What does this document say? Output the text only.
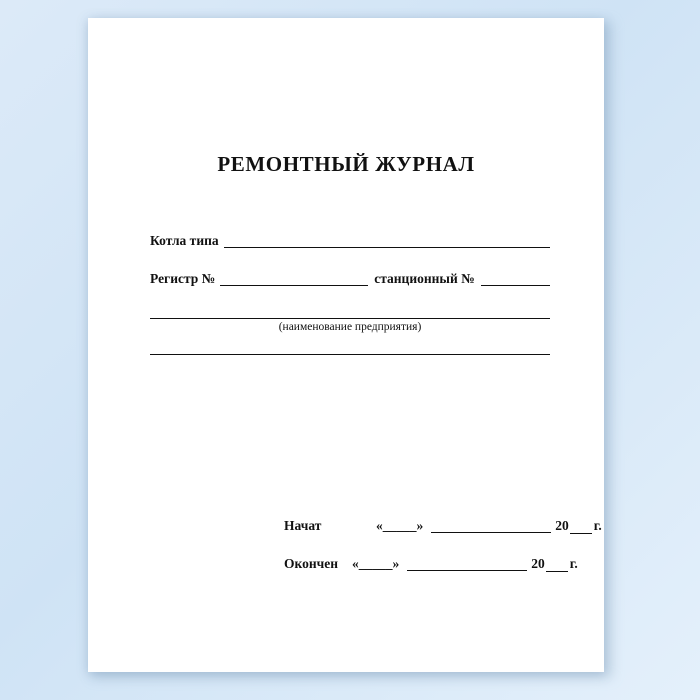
РЕМОНТНЫЙ ЖУРНАЛ
Котла типа
Регистр №	станционный №
(наименование предприятия)
Начат	«_____»	20 г.
Окончен	«_____»	20 г.
